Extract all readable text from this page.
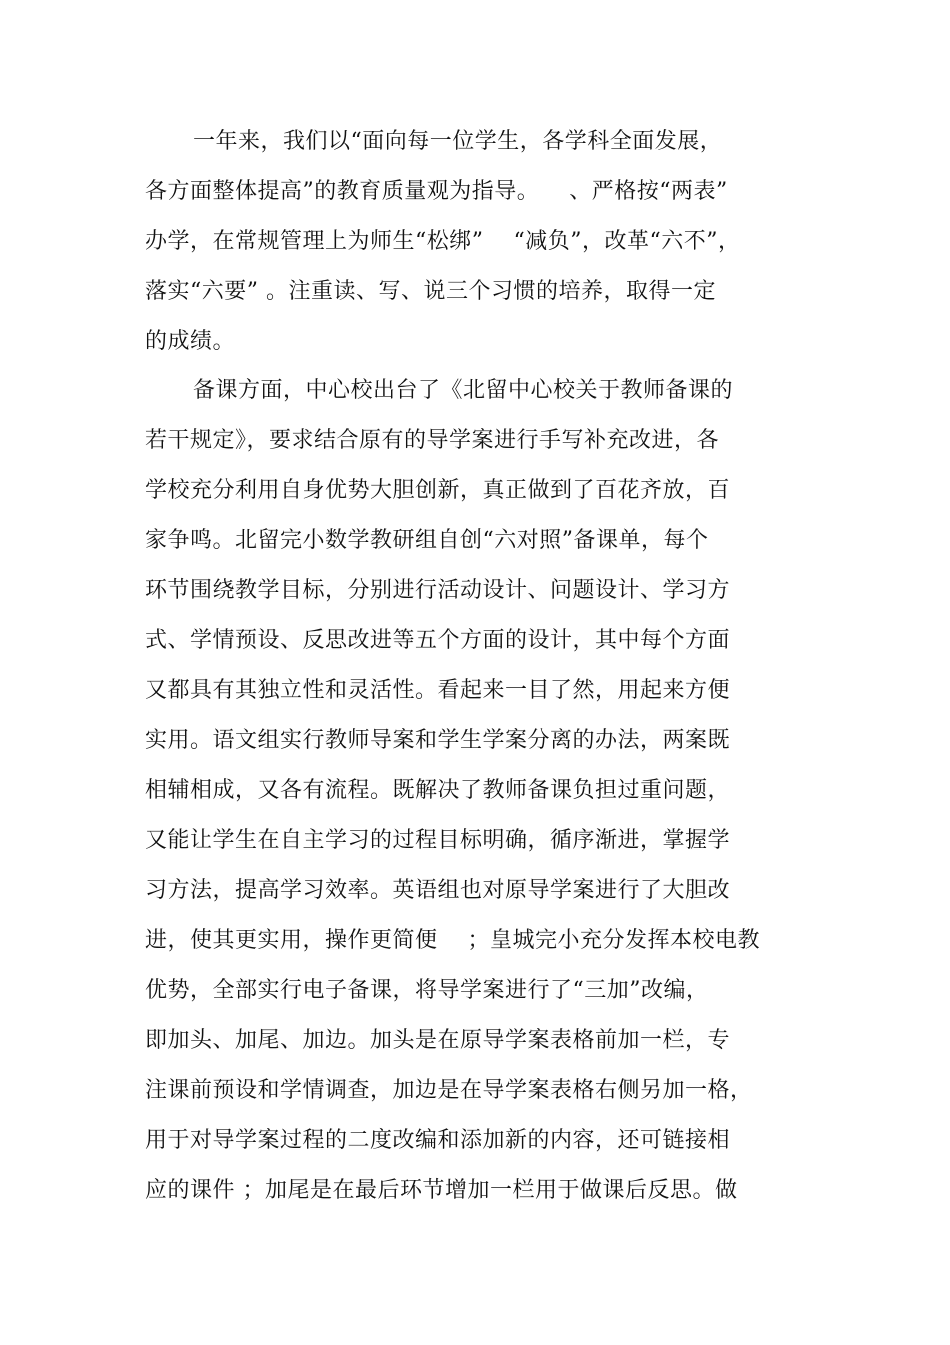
一年来，我们以“面向每一位学生，各学科全面发展，
各方面整体提高”的教育质量观为指导。    、严格按“两表”
办学，在常规管理上为师生“松绑”    “减负”，改革“六不”，
落实“六要” 。注重读、写、说三个习惯的培养，取得一定
的成绩。
备课方面，中心校出台了《北留中心校关于教师备课的
若干规定》，要求结合原有的导学案进行手写补充改进，各
学校充分利用自身优势大胆创新，真正做到了百花齐放，百
家争鸣。北留完小数学教研组自创“六对照”备课单，每个
环节围绕教学目标，分别进行活动设计、问题设计、学习方
式、学情预设、反思改进等五个方面的设计，其中每个方面
又都具有其独立性和灵活性。看起来一目了然，用起来方便
实用。语文组实行教师导案和学生学案分离的办法，两案既
相辅相成，又各有流程。既解决了教师备课负担过重问题，
又能让学生在自主学习的过程目标明确，循序渐进，掌握学
习方法，提高学习效率。英语组也对原导学案进行了大胆改
进，使其更实用，操作更简便    ；皇城完小充分发挥本校电教
优势，全部实行电子备课，将导学案进行了“三加”改编，
即加头、加尾、加边。加头是在原导学案表格前加一栏，专
注课前预设和学情调查，加边是在导学案表格右侧另加一格，
用于对导学案过程的二度改编和添加新的内容，还可链接相
应的课件 ；加尾是在最后环节增加一栏用于做课后反思。做
